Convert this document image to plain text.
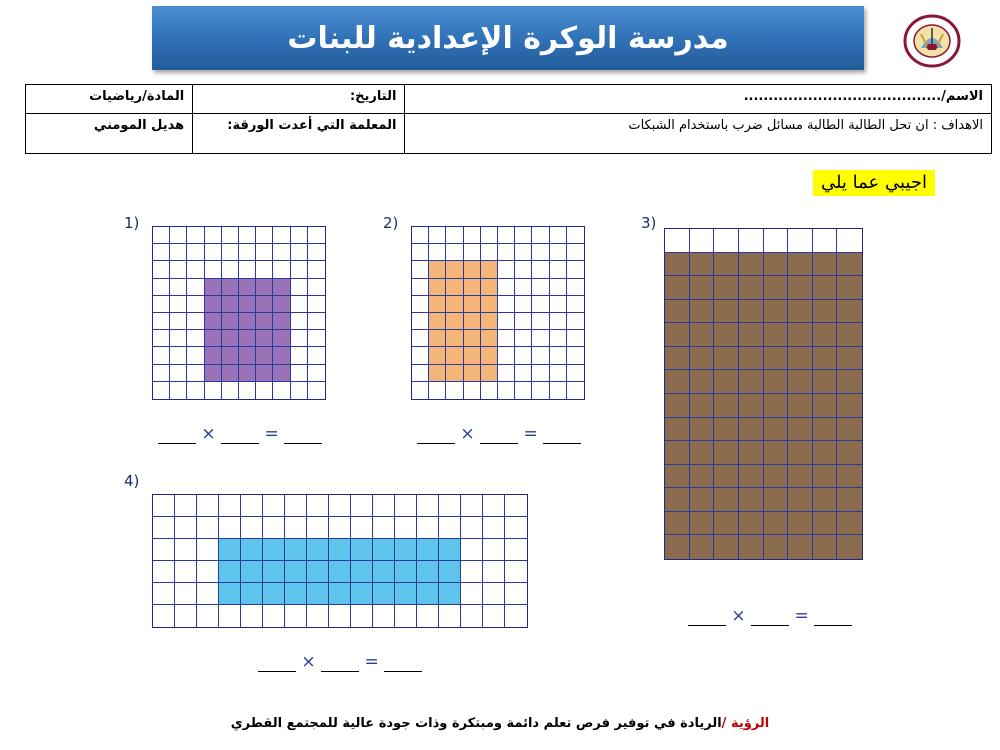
مدرسة الوكرة الإعدادية للبنات
الاسم/........................................	التاريخ:	المادة/رياضيات
الاهداف : ان تحل الطالبة الطالبة مسائل ضرب باستخدام الشبكات	المعلمة التي أعدت الورقة:	هديل المومني
اجيبي عما يلي
1)
×	=
2)
×	=
3)
×	=
4)
×	=
الرؤية /الريادة في توفير فرص تعلم دائمة ومبتكرة وذات جودة عالية للمجتمع القطري
